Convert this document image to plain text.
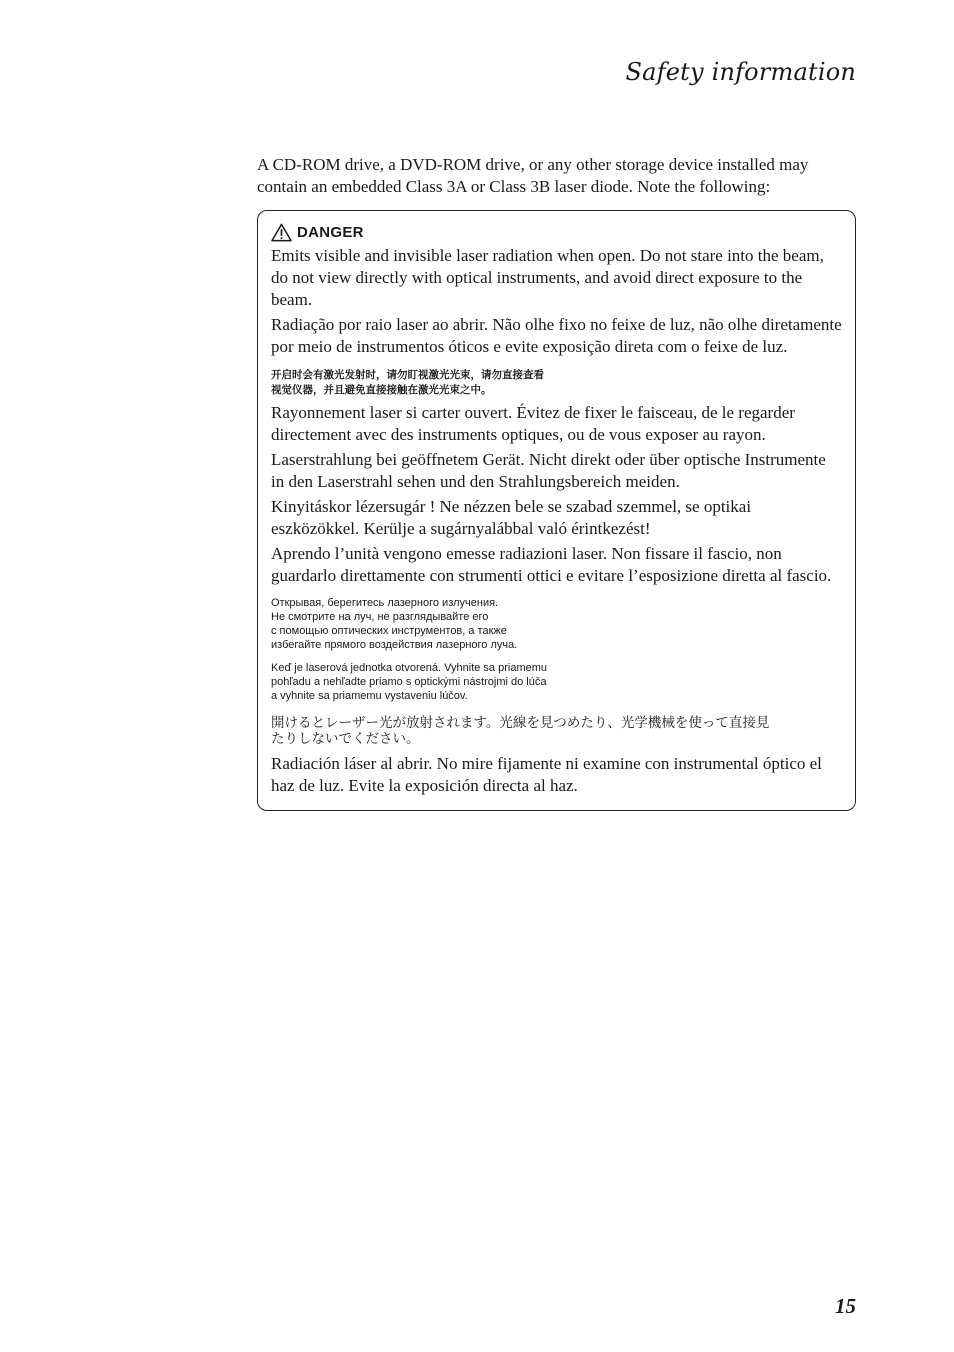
Safety information

A CD-ROM drive, a DVD-ROM drive, or any other storage device installed may contain an embedded Class 3A or Class 3B laser diode. Note the following:

DANGER

Emits visible and invisible laser radiation when open. Do not stare into the beam, do not view directly with optical instruments, and avoid direct exposure to the beam.

Radiação por raio laser ao abrir. Não olhe fixo no feixe de luz, não olhe diretamente por meio de instrumentos óticos e evite exposição direta com o feixe de luz.

开启时会有激光发射时，请勿盯视激光光束，请勿直接查看
视觉仪器，并且避免直接接触在激光光束之中。

Rayonnement laser si carter ouvert. Évitez de fixer le faisceau, de le regarder directement avec des instruments optiques, ou de vous exposer au rayon.

Laserstrahlung bei geöffnetem Gerät. Nicht direkt oder über optische Instrumente in den Laserstrahl sehen und den Strahlungsbereich meiden.

Kinyitáskor lézersugár ! Ne nézzen bele se szabad szemmel, se optikai eszközökkel. Kerülje a sugárnyalábbal való érintkezést!

Aprendo l’unità vengono emesse radiazioni laser. Non fissare il fascio, non guardarlo direttamente con strumenti ottici e evitare l’esposizione diretta al fascio.

Открывая, берегитесь лазерного излучения.
Не смотрите на луч, не разглядывайте его
с помощью оптических инструментов, а также
избегайте прямого воздействия лазерного луча.

Keď je laserová jednotka otvorená. Vyhnite sa priamemu
pohľadu a nehľadte priamo s optickými nástrojmi do lúča
a vyhnite sa priamemu vystaveniu lúčov.

開けるとレーザー光が放射されます。光線を見つめたり、光学機械を使って直接見
たりしないでください。

Radiación láser al abrir. No mire fijamente ni examine con instrumental óptico el haz de luz. Evite la exposición directa al haz.

15
